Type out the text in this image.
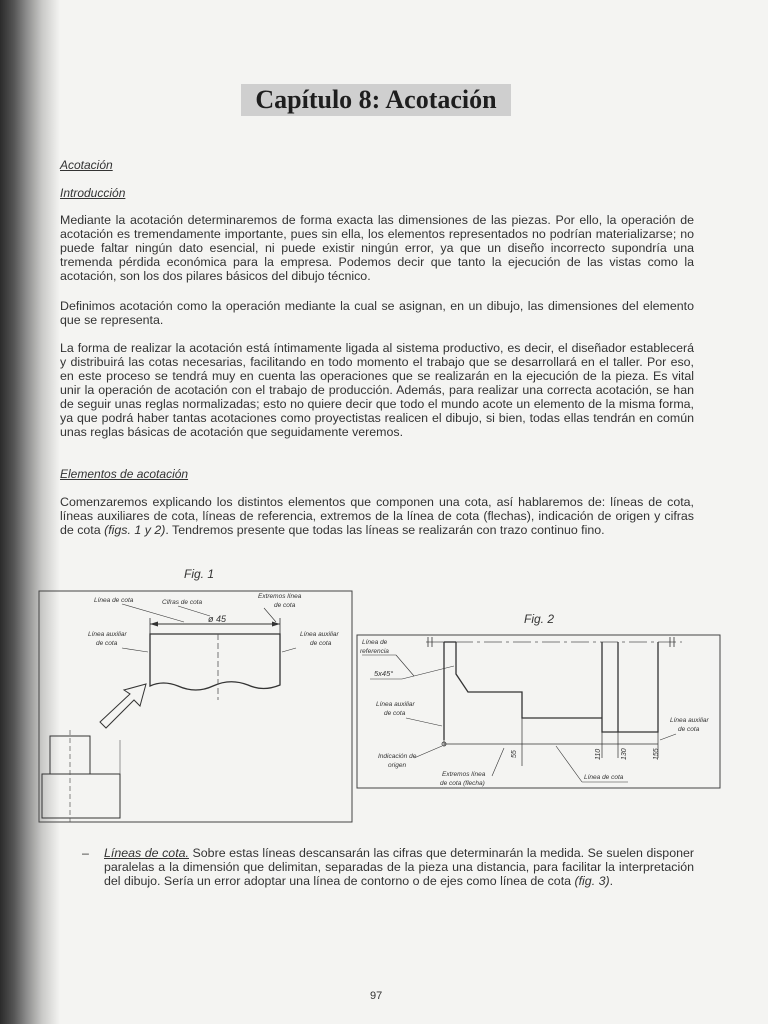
Capítulo 8: Acotación
Acotación
Introducción
Mediante la acotación determinaremos de forma exacta las dimensiones de las piezas. Por ello, la operación de acotación es tremendamente importante, pues sin ella, los elementos representados no podrían materializarse; no puede faltar ningún dato esencial, ni puede existir ningún error, ya que un diseño incorrecto supondría una tremenda pérdida económica para la empresa. Podemos decir que tanto la ejecución de las vistas como la acotación, son los dos pilares básicos del dibujo técnico.
Definimos acotación como la operación mediante la cual se asignan, en un dibujo, las dimensiones del elemento que se representa.
La forma de realizar la acotación está íntimamente ligada al sistema productivo, es decir, el diseñador establecerá y distribuirá las cotas necesarias, facilitando en todo momento el trabajo que se desarrollará en el taller. Por eso, en este proceso se tendrá muy en cuenta las operaciones que se realizarán en la ejecución de la pieza. Es vital unir la operación de acotación con el trabajo de producción. Además, para realizar una correcta acotación, se han de seguir unas reglas normalizadas; esto no quiere decir que todo el mundo acote un elemento de la misma forma, ya que podrá haber tantas acotaciones como proyectistas realicen el dibujo, si bien, todas ellas tendrán en común unas reglas básicas de acotación que seguidamente veremos.
Elementos de acotación
Comenzaremos explicando los distintos elementos que componen una cota, así hablaremos de: líneas de cota, líneas auxiliares de cota, líneas de referencia, extremos de la línea de cota (flechas), indicación de origen y cifras de cota (figs. 1 y 2). Tendremos presente que todas las líneas se realizarán con trazo continuo fino.
Fig. 1
Fig. 2
ø 45
Línea de cota	Cifras de cota
Extremos línea
de cota
Línea auxiliar
de cota
Línea auxiliar
de cota
55	110	130	155
Línea de
referencia
5x45°
Línea auxiliar
de cota
Línea auxiliar
de cota
Indicación de
origen
Extremos línea
de cota (flecha)
Línea de cota
– Líneas de cota. Sobre estas líneas descansarán las cifras que determinarán la medida. Se suelen disponer paralelas a la dimensión que delimitan, separadas de la pieza una distancia, para facilitar la interpretación del dibujo. Sería un error adoptar una línea de contorno o de ejes como línea de cota (fig. 3).
97
